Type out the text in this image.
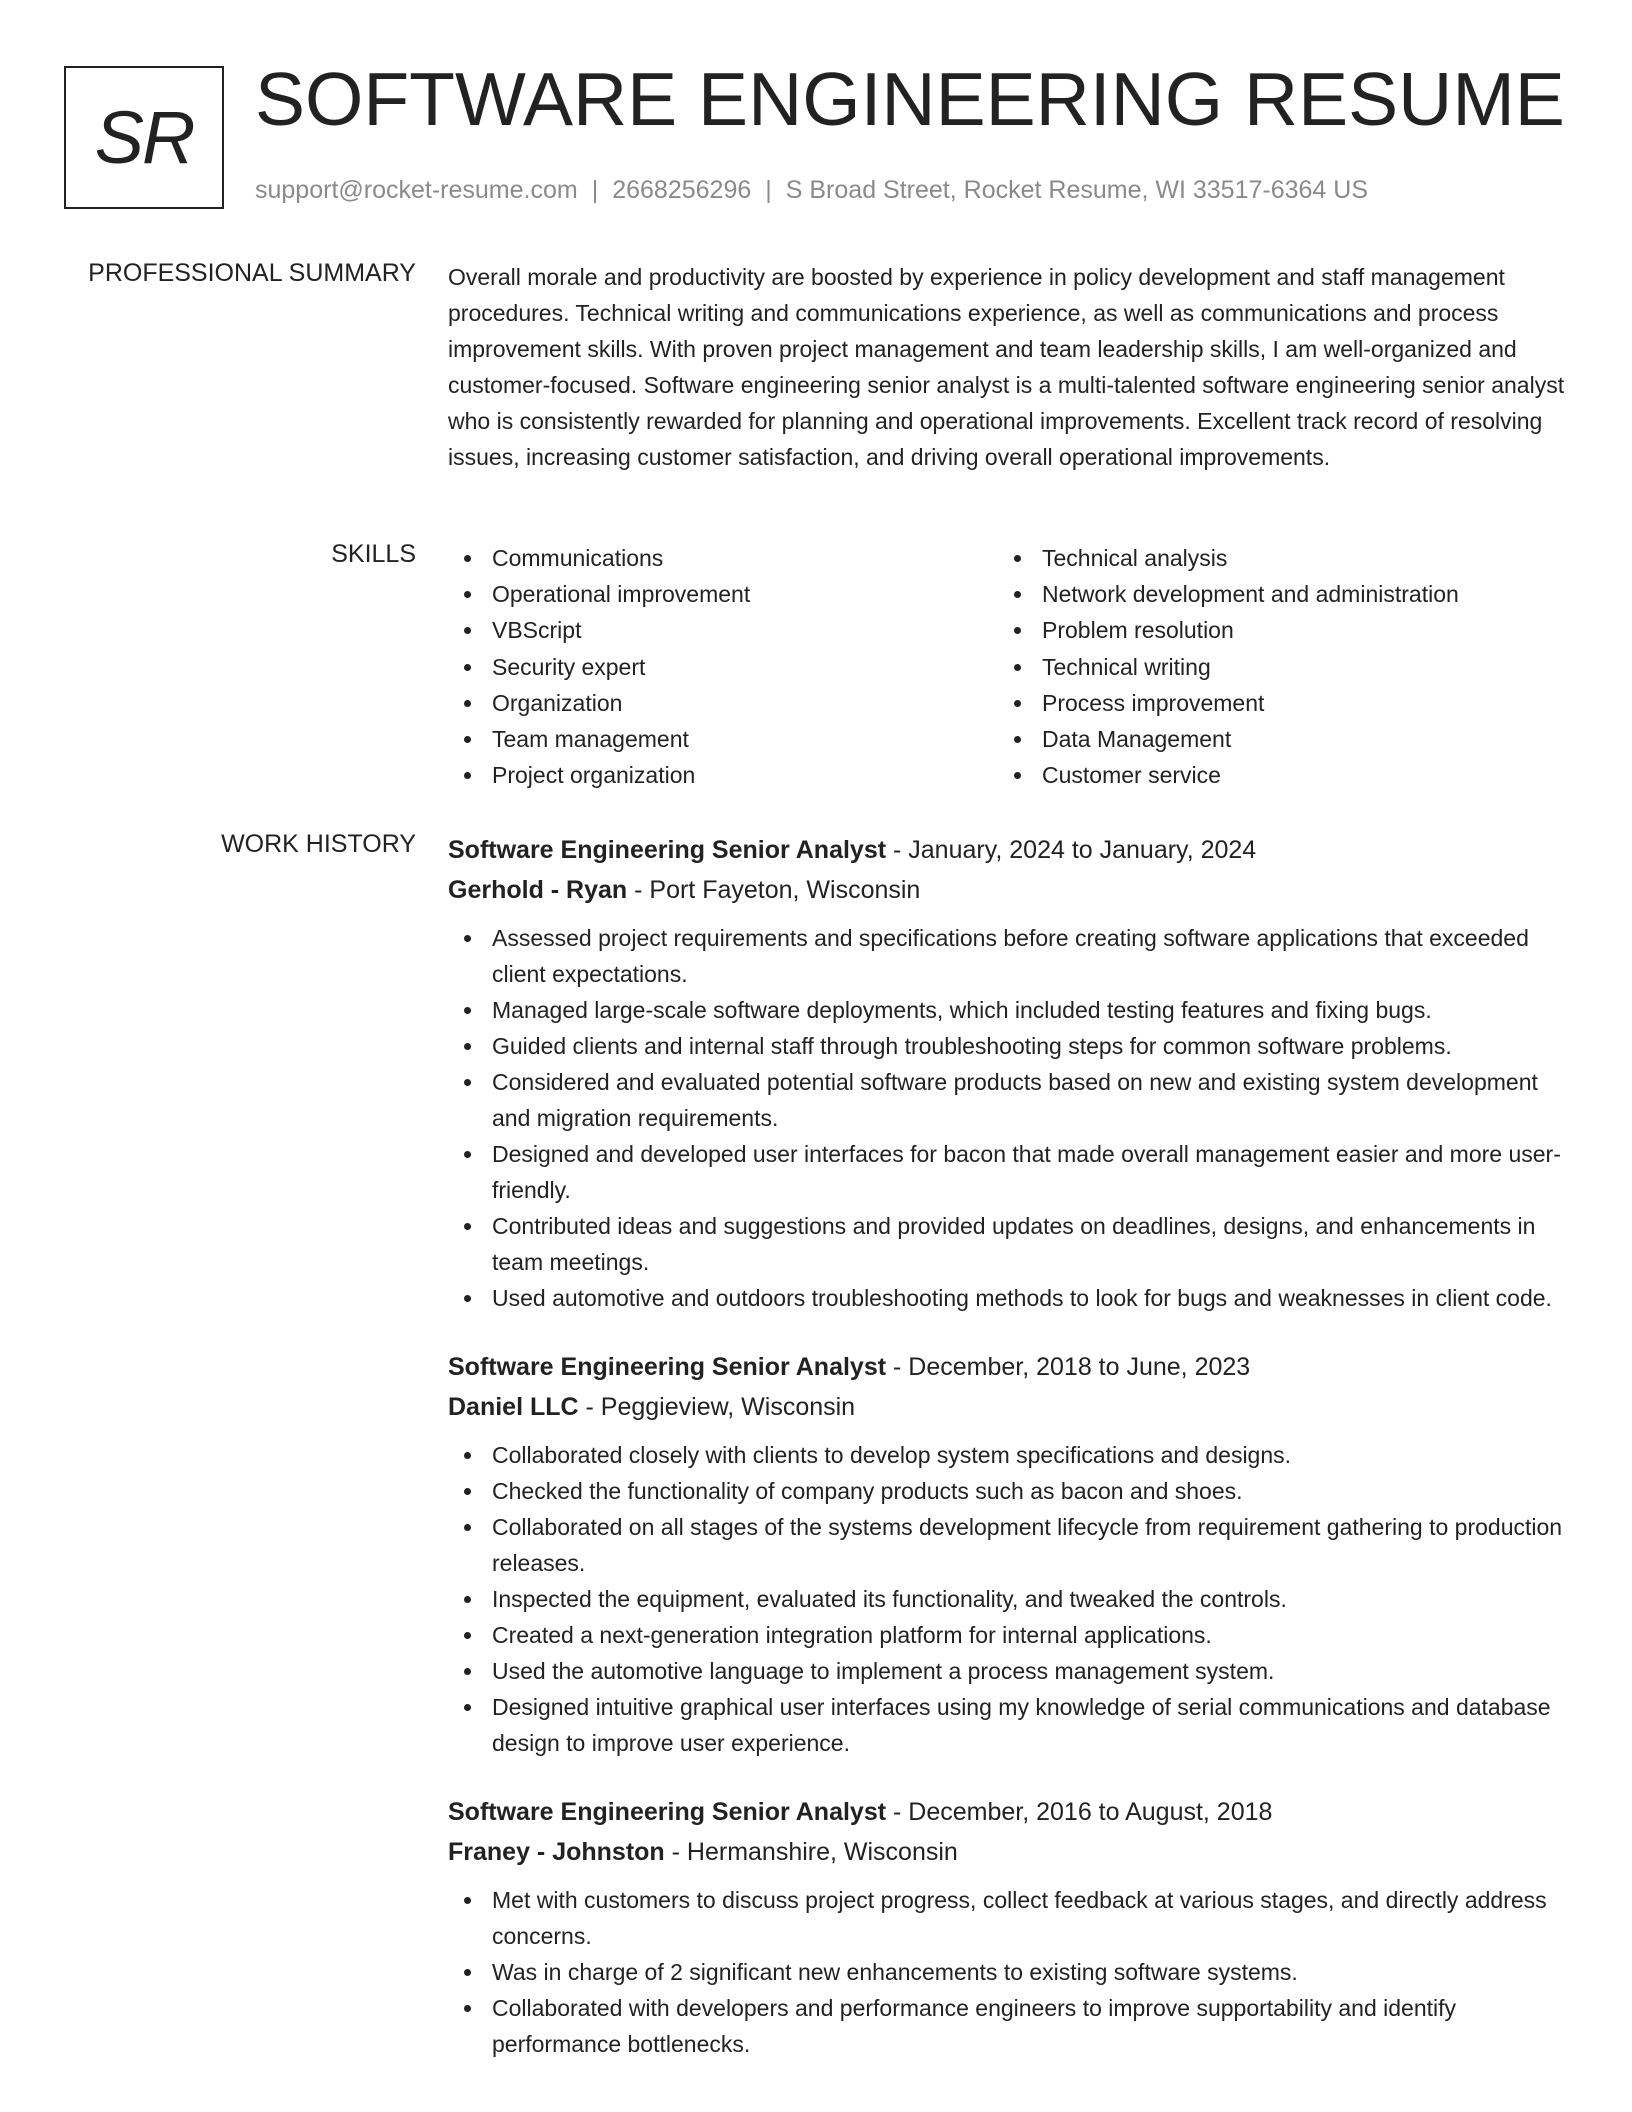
SR SOFTWARE ENGINEERING RESUME
support@rocket-resume.com | 2668256296 | S Broad Street, Rocket Resume, WI 33517-6364 US
PROFESSIONAL SUMMARY Overall morale and productivity are boosted by experience in policy development and staff management procedures. Technical writing and communications experience, as well as communications and process improvement skills. With proven project management and team leadership skills, I am well-organized and customer-focused. Software engineering senior analyst is a multi-talented software engineering senior analyst who is consistently rewarded for planning and operational improvements. Excellent track record of resolving issues, increasing customer satisfaction, and driving overall operational improvements.
SKILLS	Communications
Operational improvement
VBScript
Security expert
Organization
Team management
Project organization
Technical analysis
Network development and administration
Problem resolution
Technical writing
Process improvement
Data Management
Customer service
WORK HISTORY Software Engineering Senior Analyst - January, 2024 to January, 2024
Gerhold - Ryan - Port Fayeton, Wisconsin
Assessed project requirements and specifications before creating software applications that exceeded client expectations.
Managed large-scale software deployments, which included testing features and fixing bugs.
Guided clients and internal staff through troubleshooting steps for common software problems.
Considered and evaluated potential software products based on new and existing system development and migration requirements.
Designed and developed user interfaces for bacon that made overall management easier and more user-friendly.
Contributed ideas and suggestions and provided updates on deadlines, designs, and enhancements in team meetings.
Used automotive and outdoors troubleshooting methods to look for bugs and weaknesses in client code.
Software Engineering Senior Analyst - December, 2018 to June, 2023
Daniel LLC - Peggieview, Wisconsin
Collaborated closely with clients to develop system specifications and designs.
Checked the functionality of company products such as bacon and shoes.
Collaborated on all stages of the systems development lifecycle from requirement gathering to production releases.
Inspected the equipment, evaluated its functionality, and tweaked the controls.
Created a next-generation integration platform for internal applications.
Used the automotive language to implement a process management system.
Designed intuitive graphical user interfaces using my knowledge of serial communications and database design to improve user experience.
Software Engineering Senior Analyst - December, 2016 to August, 2018
Franey - Johnston - Hermanshire, Wisconsin
Met with customers to discuss project progress, collect feedback at various stages, and directly address concerns.
Was in charge of 2 significant new enhancements to existing software systems.
Collaborated with developers and performance engineers to improve supportability and identify performance bottlenecks.
